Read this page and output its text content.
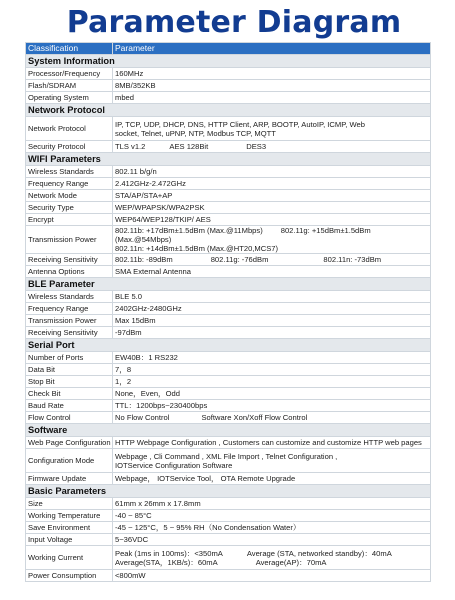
Parameter Diagram
Classification	Parameter
System Information	
Processor/Frequency	160MHz
Flash/SDRAM	8MB/352KB
Operating System	mbed
Network Protocol	
Network Protocol	IP, TCP, UDP, DHCP, DNS, HTTP Client, ARP, BOOTP, AutoIP, ICMP, Web
socket, Telnet, uPNP, NTP, Modbus TCP, MQTT

Security Protocol	TLS v1.2 AES 128Bit DES3
WIFI Parameters	
Wireless Standards	802.11 b/g/n
Frequency Range	2.412GHz-2.472GHz
Network Mode	STA/AP/STA+AP
Security Type	WEP/WPAPSK/WPA2PSK
Encrypt	WEP64/WEP128/TKIP/ AES
Transmission Power	802.11b: +17dBm±1.5dBm (Max.@11Mbps) 802.11g: +15dBm±1.5dBm (Max.@54Mbps)
802.11n: +14dBm±1.5dBm (Max.@HT20,MCS7)

Receiving Sensitivity	802.11b: -89dBm 802.11g: -76dBm 802.11n: -73dBm
Antenna Options	SMA External Antenna
BLE Parameter	
Wireless Standards	BLE 5.0
Frequency Range	2402GHz-2480GHz
Transmission Power	Max 15dBm
Receiving Sensitivity	-97dBm
Serial Port	
Number of Ports	EW40B：1 RS232
Data Bit	7，8
Stop Bit	1，2
Check Bit	None，Even，Odd
Baud Rate	TTL：1200bps~230400bps
Flow Control	No Flow Control Software Xon/Xoff Flow Control
Software	
Web Page Configuration	HTTP Webpage Configuration , Customers can customize and customize HTTP web pages
Configuration Mode	Webpage , Cli Command , XML File Import , Telnet Configuration ,
IOTService Configuration Software

Firmware Update	Webpage， IOTService Tool， OTA Remote Upgrade
Basic Parameters	
Size	61mm x 26mm x 17.8mm
Working Temperature	-40 ~ 85°C
Save Environment	-45 ~ 125°C，5 ~ 95% RH（No Condensation Water）
Input Voltage	5~36VDC
Working Current	Peak (1ms in 100ms)：<350mA Average (STA, networked standby)：40mA
Average(STA，1KB/s)：60mA Average(AP)：70mA

Power Consumption	<800mW
